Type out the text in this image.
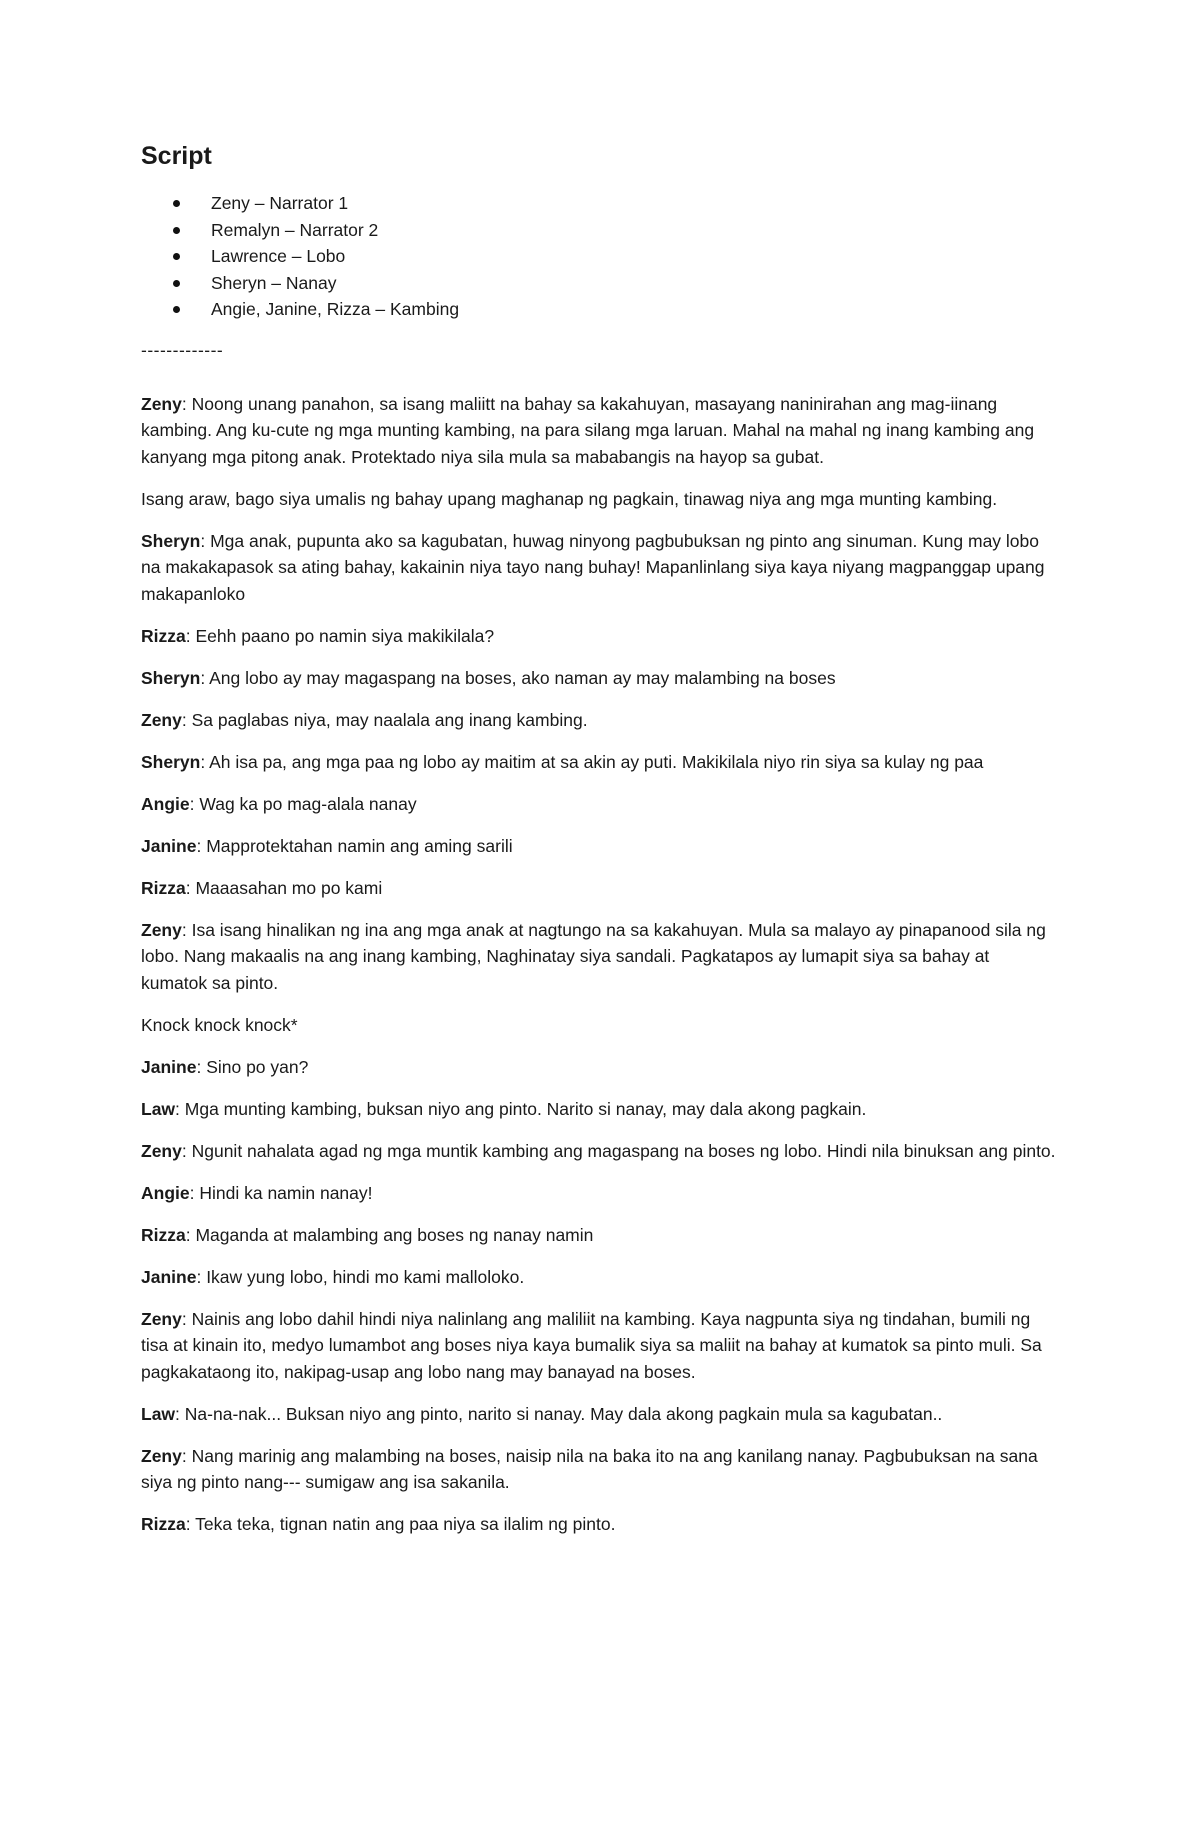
Script
Zeny – Narrator 1
Remalyn – Narrator 2
Lawrence – Lobo
Sheryn – Nanay
Angie, Janine, Rizza – Kambing
-------------

Zeny: Noong unang panahon, sa isang maliitt na bahay sa kakahuyan, masayang naninirahan ang mag-iinang kambing. Ang ku-cute ng mga munting kambing, na para silang mga laruan. Mahal na mahal ng inang kambing ang kanyang mga pitong anak. Protektado niya sila mula sa mababangis na hayop sa gubat.

Isang araw, bago siya umalis ng bahay upang maghanap ng pagkain, tinawag niya ang mga munting kambing.

Sheryn: Mga anak, pupunta ako sa kagubatan, huwag ninyong pagbubuksan ng pinto ang sinuman. Kung may lobo na makakapasok sa ating bahay, kakainin niya tayo nang buhay! Mapanlinlang siya kaya niyang magpanggap upang makapanloko

Rizza: Eehh paano po namin siya makikilala?

Sheryn: Ang lobo ay may magaspang na boses, ako naman ay may malambing na boses

Zeny: Sa paglabas niya, may naalala ang inang kambing.

Sheryn: Ah isa pa, ang mga paa ng lobo ay maitim at sa akin ay puti. Makikilala niyo rin siya sa kulay ng paa

Angie: Wag ka po mag-alala nanay

Janine: Mapprotektahan namin ang aming sarili

Rizza: Maaasahan mo po kami

Zeny: Isa isang hinalikan ng ina ang mga anak at nagtungo na sa kakahuyan. Mula sa malayo ay pinapanood sila ng lobo. Nang makaalis na ang inang kambing, Naghinatay siya sandali. Pagkatapos ay lumapit siya sa bahay at kumatok sa pinto.

Knock knock knock*

Janine: Sino po yan?

Law: Mga munting kambing, buksan niyo ang pinto. Narito si nanay, may dala akong pagkain.

Zeny: Ngunit nahalata agad ng mga muntik kambing ang magaspang na boses ng lobo. Hindi nila binuksan ang pinto.

Angie: Hindi ka namin nanay!

Rizza: Maganda at malambing ang boses ng nanay namin

Janine: Ikaw yung lobo, hindi mo kami malloloko.

Zeny: Nainis ang lobo dahil hindi niya nalinlang ang maliliit na kambing. Kaya nagpunta siya ng tindahan, bumili ng tisa at kinain ito, medyo lumambot ang boses niya kaya bumalik siya sa maliit na bahay at kumatok sa pinto muli. Sa pagkakataong ito, nakipag-usap ang lobo nang may banayad na boses.

Law: Na-na-nak... Buksan niyo ang pinto, narito si nanay. May dala akong pagkain mula sa kagubatan..

Zeny: Nang marinig ang malambing na boses, naisip nila na baka ito na ang kanilang nanay. Pagbubuksan na sana siya ng pinto nang--- sumigaw ang isa sakanila.

Rizza: Teka teka, tignan natin ang paa niya sa ilalim ng pinto.
